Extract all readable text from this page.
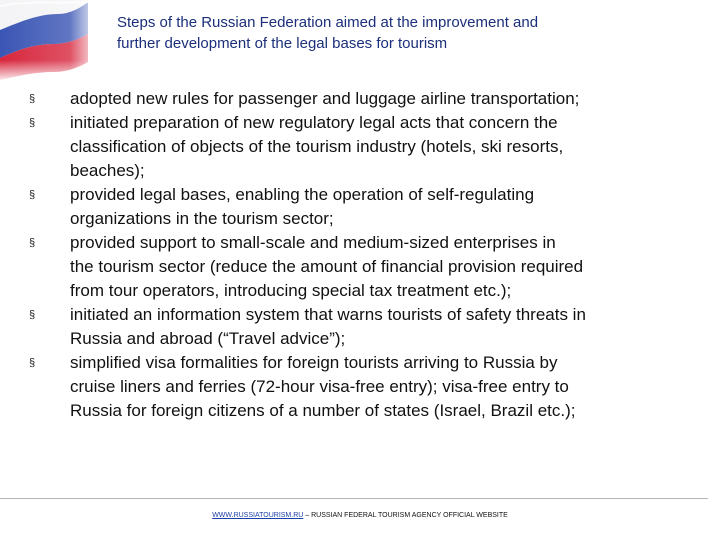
Steps of the Russian Federation aimed at the improvement and
further development of the legal bases for tourism
§ adopted new rules for passenger and luggage airline transportation;
§ initiated preparation of new regulatory legal acts that concern the
classification of objects of the tourism industry (hotels, ski resorts,
beaches);
§ provided legal bases, enabling the operation of self-regulating
organizations in the tourism sector;
§ provided support to small-scale and medium-sized enterprises in
the tourism sector (reduce the amount of financial provision required
from tour operators, introducing special tax treatment etc.);
§ initiated an information system that warns tourists of safety threats in
Russia and abroad (“Travel advice”);
§ simplified visa formalities for foreign tourists arriving to Russia by
cruise liners and ferries (72-hour visa-free entry); visa-free entry to
Russia for foreign citizens of a number of states (Israel, Brazil etc.);
WWW.RUSSIATOURISM.RU – RUSSIAN FEDERAL TOURISM AGENCY OFFICIAL WEBSITE
